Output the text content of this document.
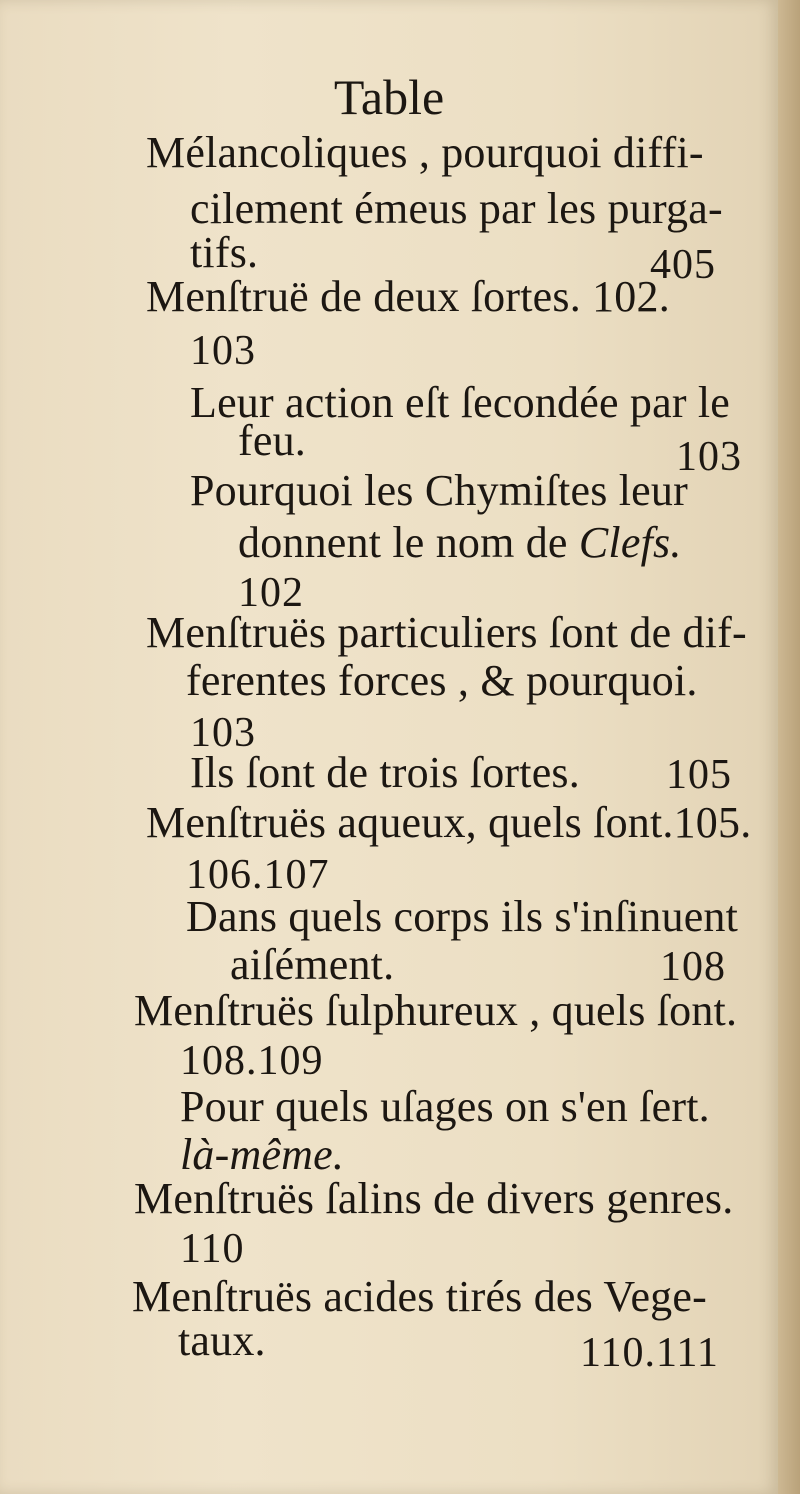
Table
Mélancoliques , pourquoi diffi-
cilement émeus par les purga-
tifs.	405
Menſtruë de deux ſortes. 102.
103
Leur action eſt ſecondée par le
feu.	103
Pourquoi les Chymiſtes leur
donnent le nom de Clefs.
102
Menſtruës particuliers ſont de dif-
ferentes forces , & pourquoi.
103
Ils ſont de trois ſortes. 105
Menſtruës aqueux, quels ſont.105.
106.107
Dans quels corps ils s'inſinuent
aiſément.	108
Menſtruës ſulphureux , quels ſont.
108.109
Pour quels uſages on s'en ſert.
là-même.
Menſtruës ſalins de divers genres.
110
Menſtruës acides tirés des Vege-
taux.	110.111
